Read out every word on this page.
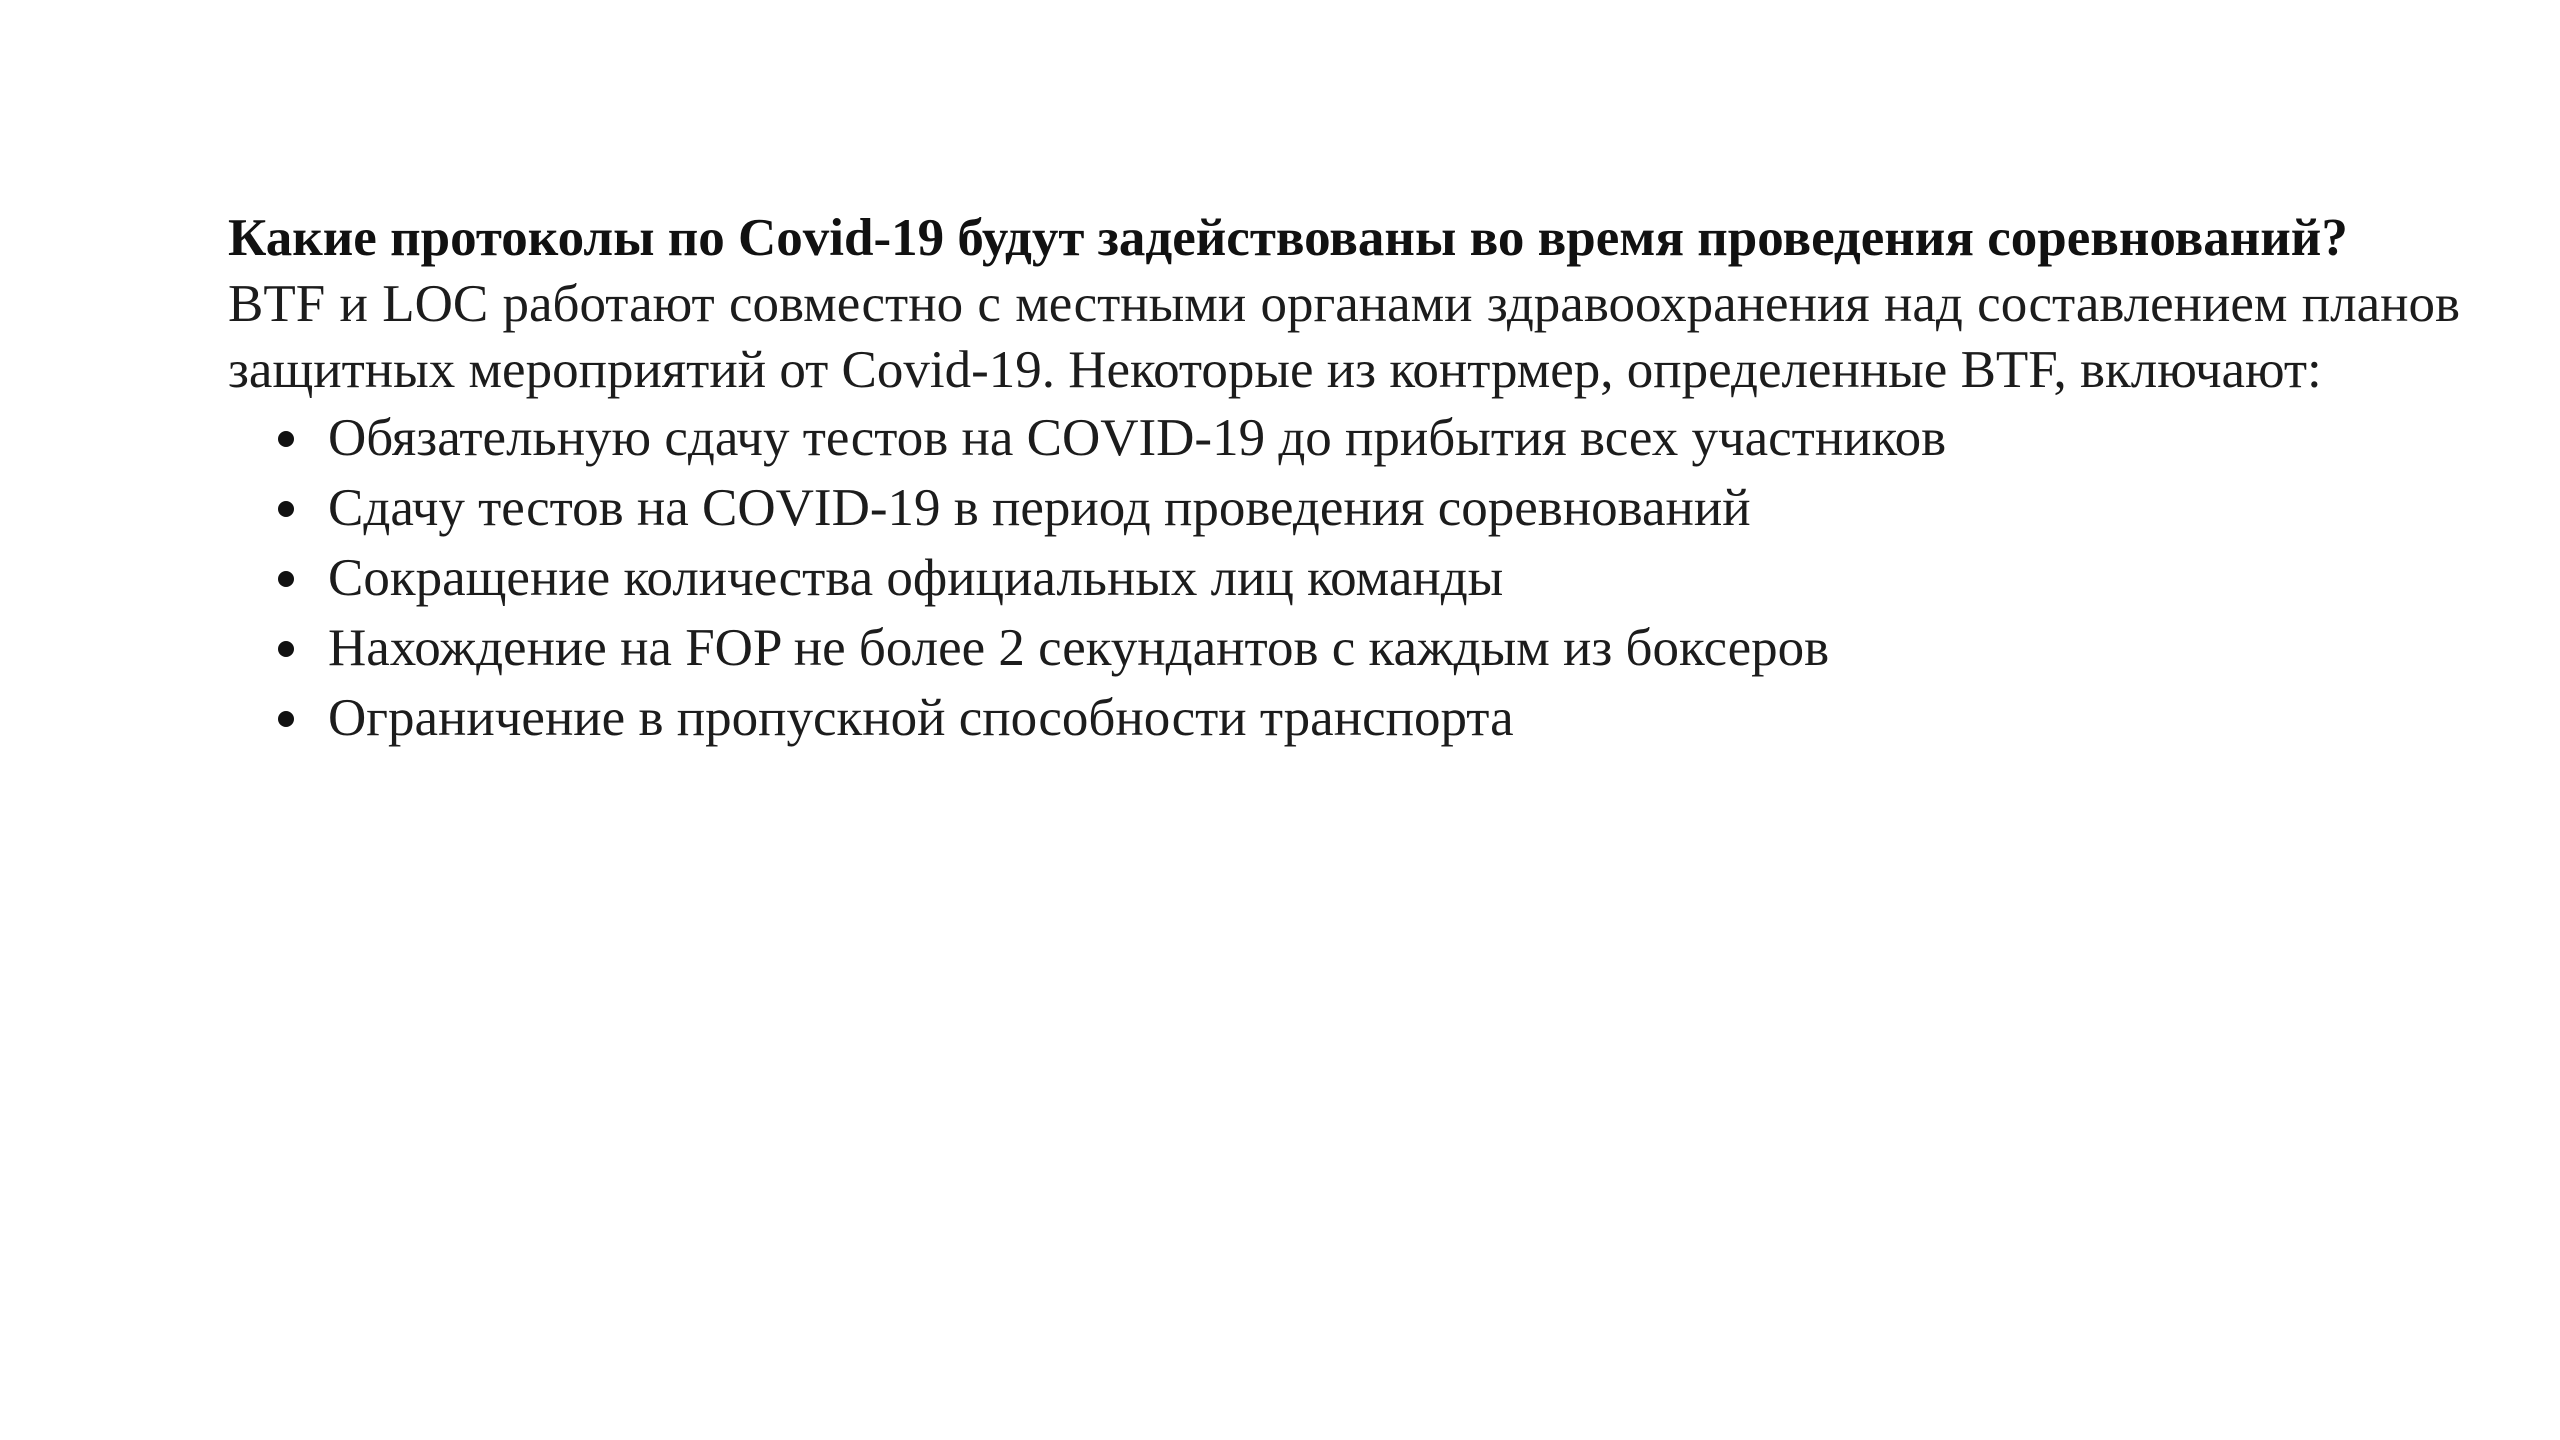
Какие протоколы по Covid-19 будут задействованы во время проведения соревнований?

BTF и LOC работают совместно с местными органами здравоохранения над составлением планов защитных мероприятий от Covid-19. Некоторые из контрмер, определенные BTF, включают:

Обязательную сдачу тестов на COVID-19 до прибытия всех участников
Сдачу тестов на COVID-19 в период проведения соревнований
Сокращение количества официальных лиц команды
Нахождение на FOP не более 2 секундантов с каждым из боксеров
Ограничение в пропускной способности транспорта
